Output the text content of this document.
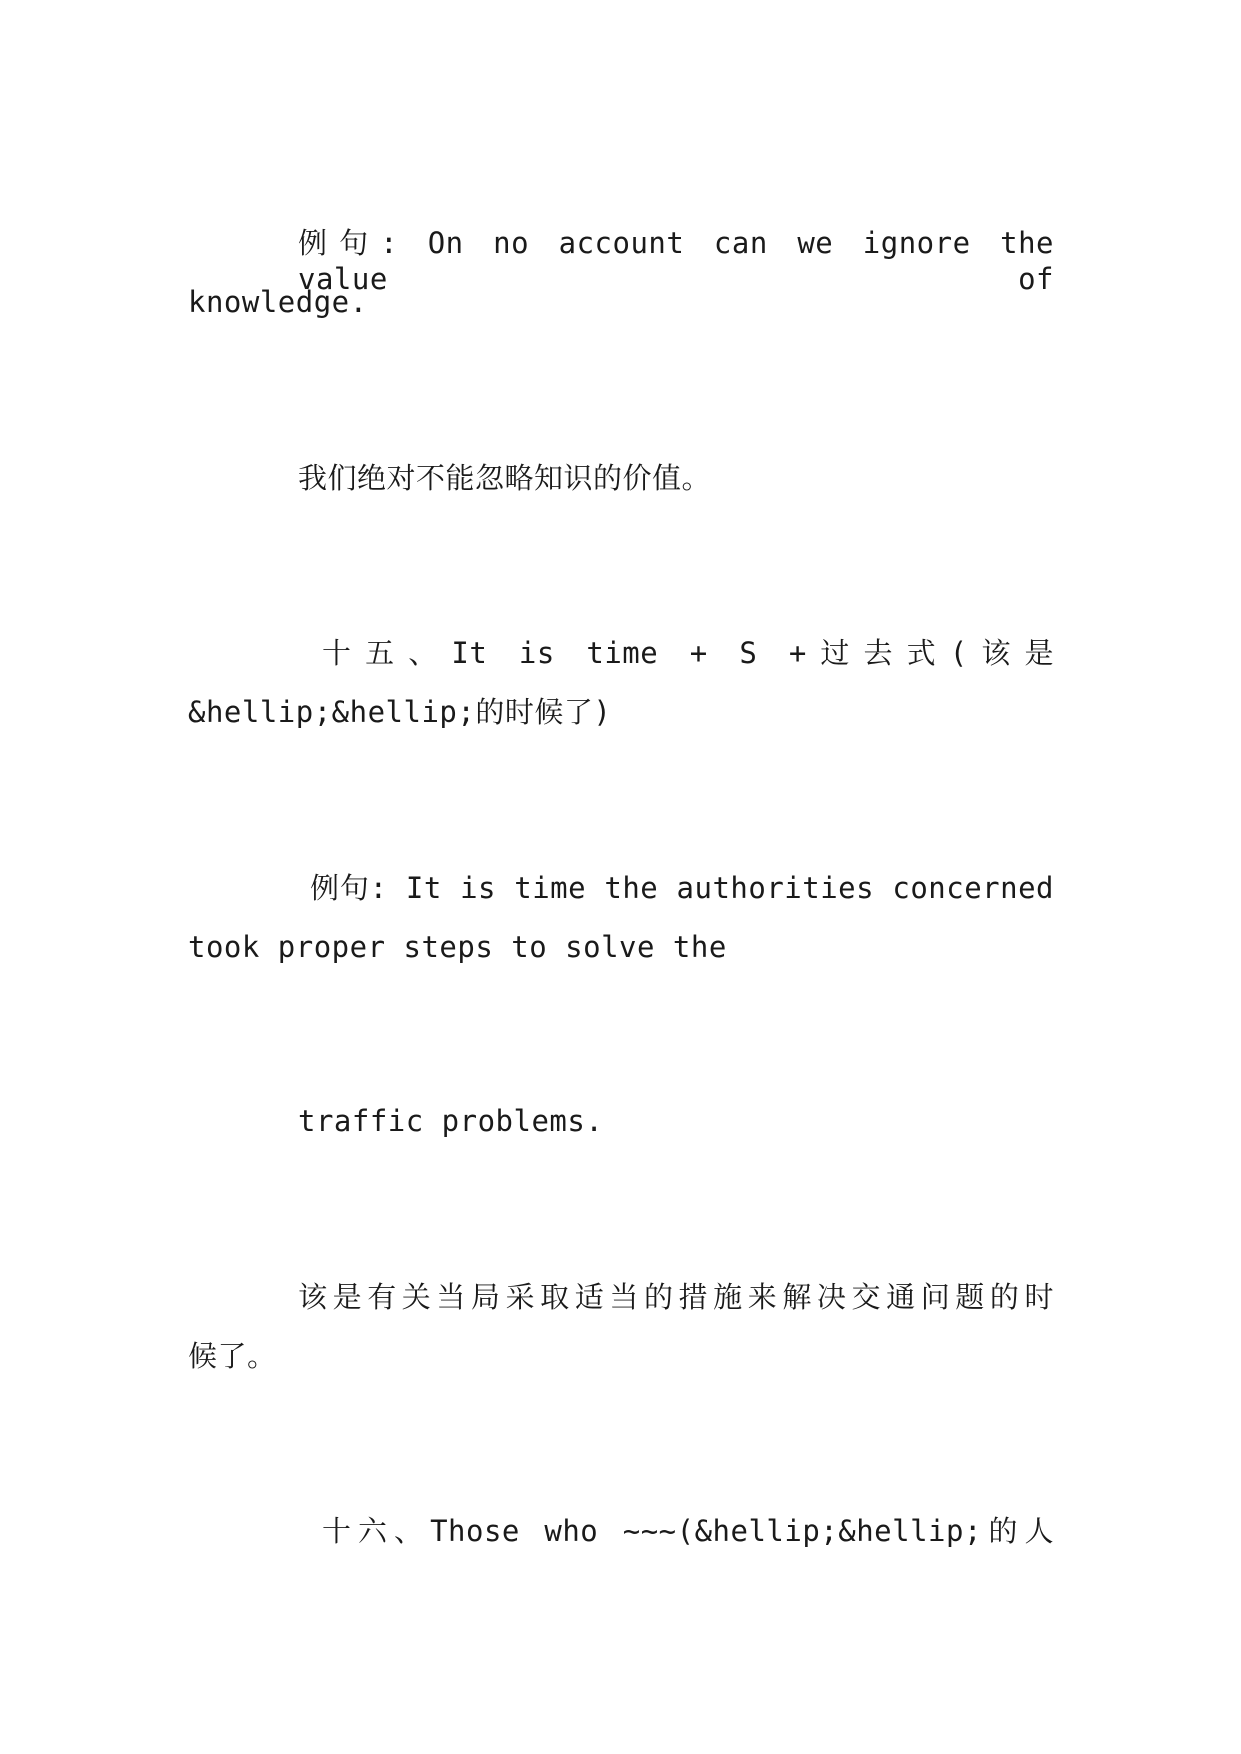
例句: On no account can we ignore the value of
knowledge.
我们绝对不能忽略知识的价值。
十五、It is time + S +过去式(该是
&hellip;&hellip;的时候了)
例句: It is time the authorities concerned
took proper steps to solve the
traffic problems.
该是有关当局采取适当的措施来解决交通问题的时
候了。
十六、Those who ~~~(&hellip;&hellip;的人
